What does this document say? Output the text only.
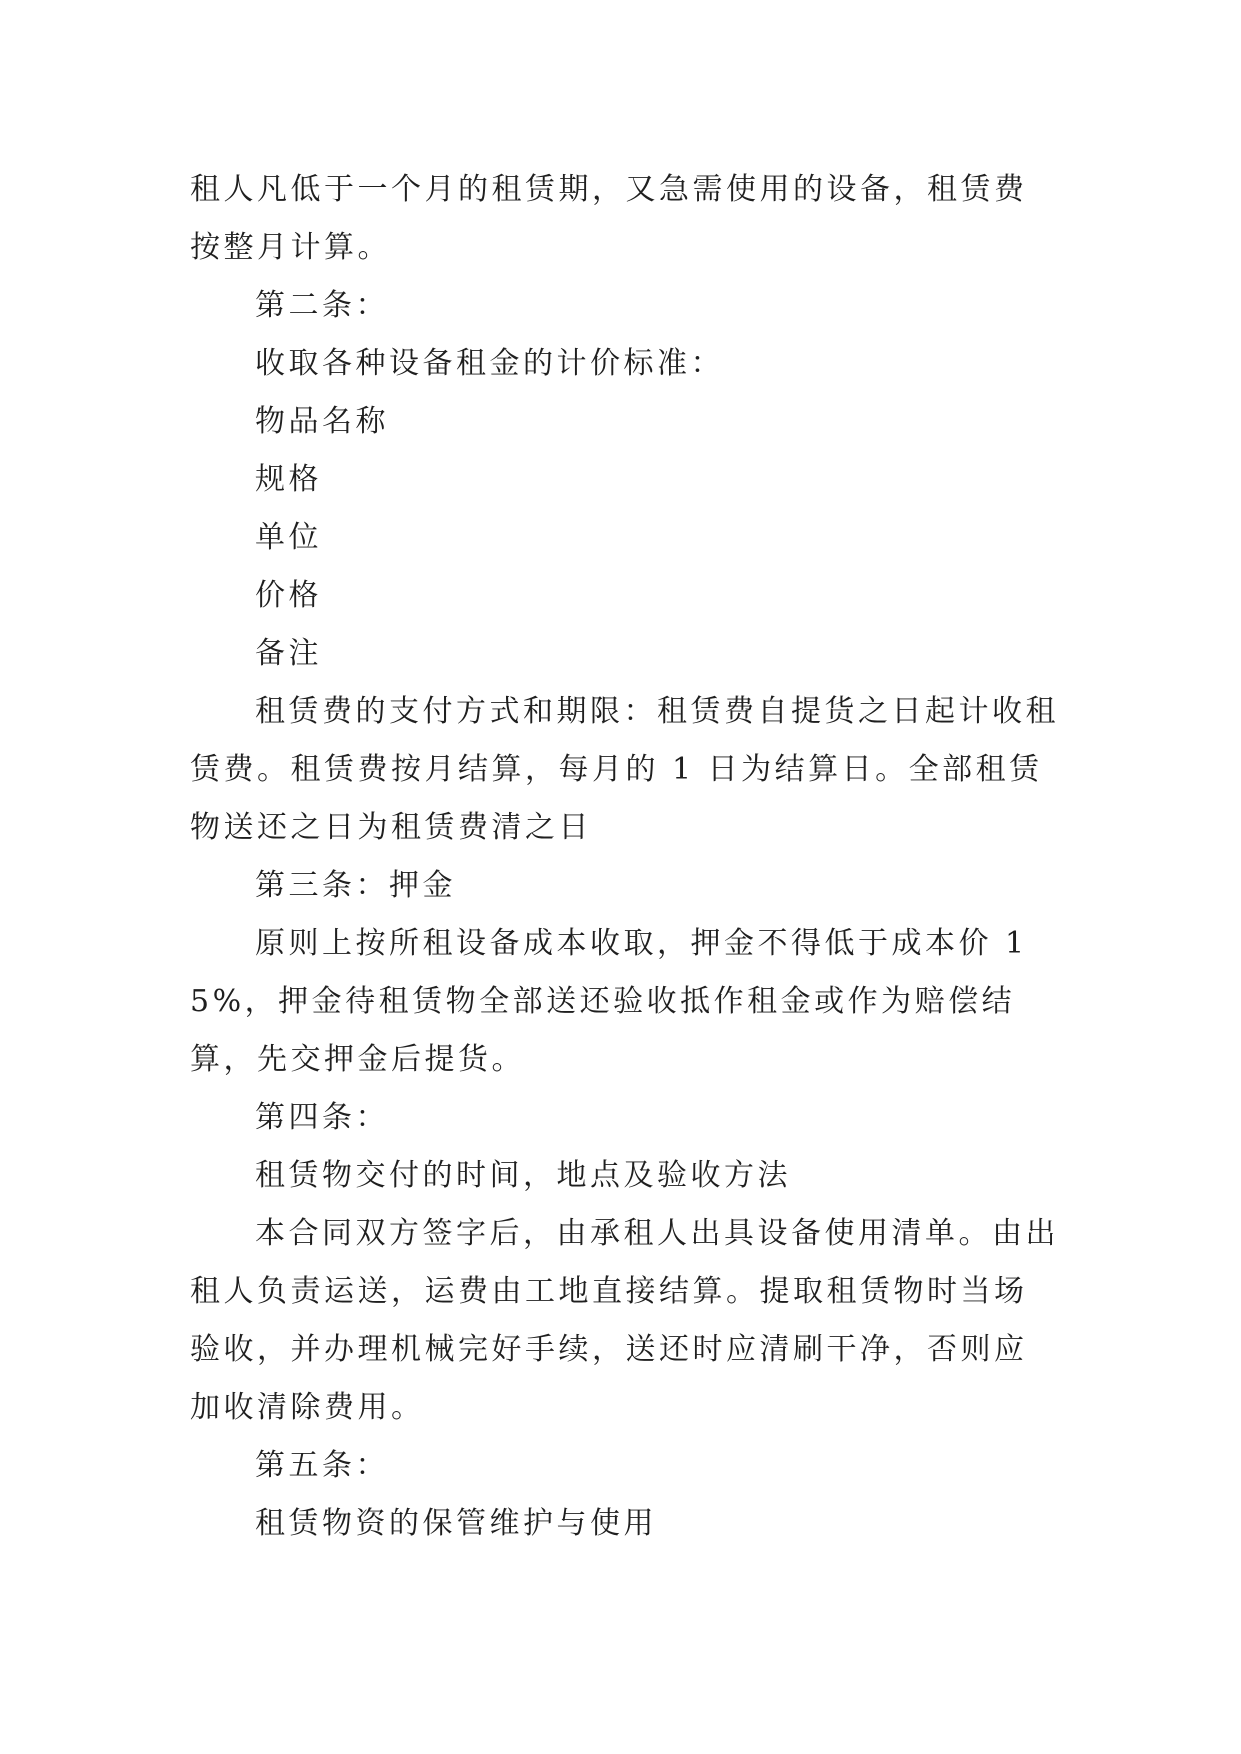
租人凡低于一个月的租赁期，又急需使用的设备，租赁费按整月计算。

第二条：

收取各种设备租金的计价标准：

物品名称

规格

单位

价格

备注

租赁费的支付方式和期限：租赁费自提货之日起计收租赁费。租赁费按月结算，每月的 1 日为结算日。全部租赁物送还之日为租赁费清之日

第三条：押金

原则上按所租设备成本收取，押金不得低于成本价 15%，押金待租赁物全部送还验收抵作租金或作为赔偿结算，先交押金后提货。

第四条：

租赁物交付的时间，地点及验收方法

本合同双方签字后，由承租人出具设备使用清单。由出租人负责运送，运费由工地直接结算。提取租赁物时当场验收，并办理机械完好手续，送还时应清刷干净，否则应加收清除费用。

第五条：

租赁物资的保管维护与使用
